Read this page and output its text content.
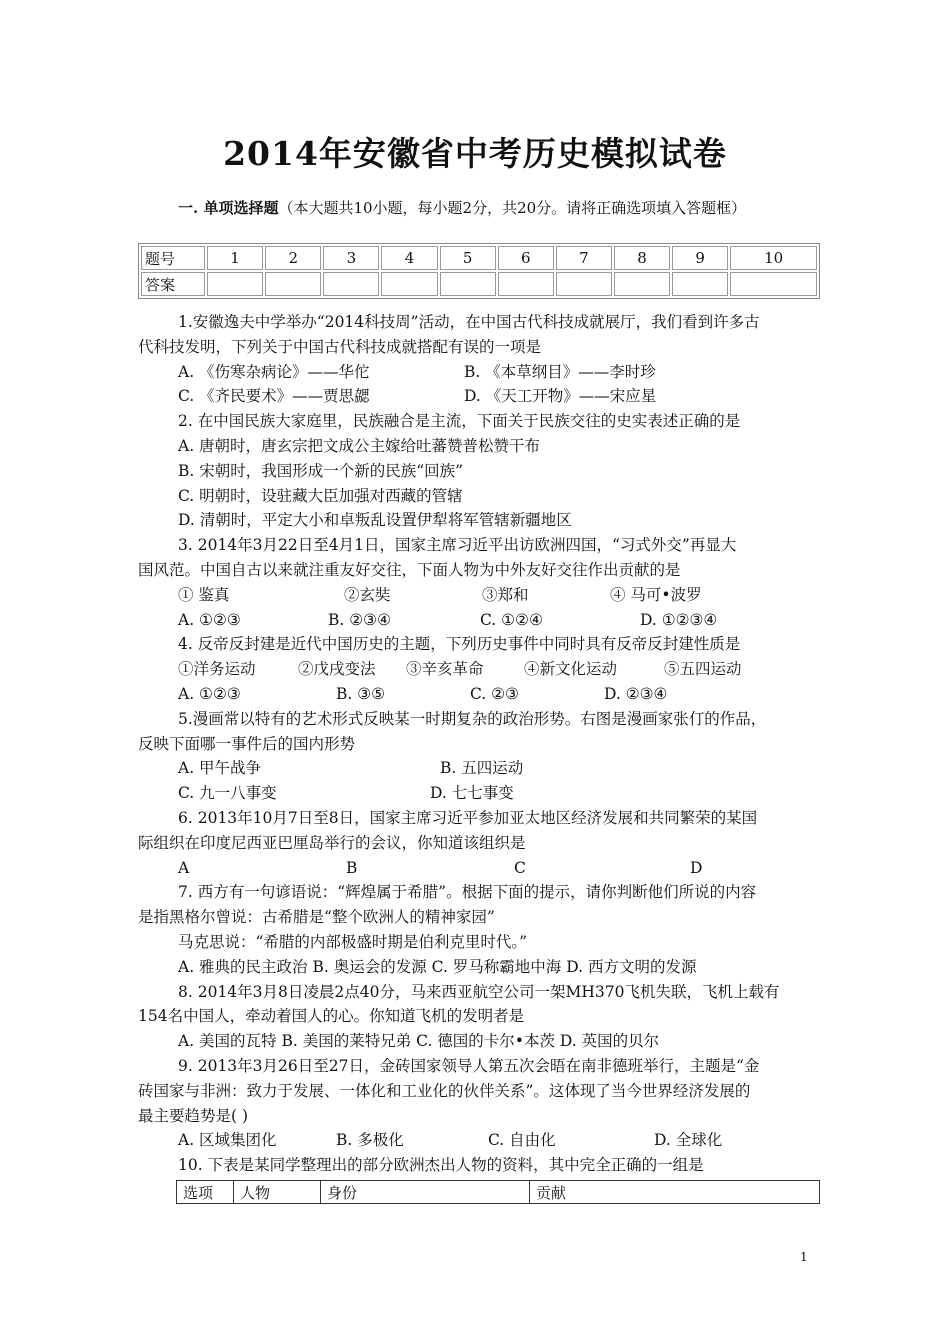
2014年安徽省中考历史模拟试卷
一. 单项选择题（本大题共10小题，每小题2分，共20分。请将正确选项填入答题框）
题号	1	2	3	4	5	6	7	8	9	10
答案										
1.安徽逸夫中学举办“2014科技周”活动，在中国古代科技成就展厅，我们看到许多古
代科技发明，下列关于中国古代科技成就搭配有误的一项是
A. 《伤寒杂病论》——华佗	B. 《本草纲目》——李时珍
C. 《齐民要术》——贾思勰	D. 《天工开物》——宋应星
2. 在中国民族大家庭里，民族融合是主流，下面关于民族交往的史实表述正确的是
A. 唐朝时，唐玄宗把文成公主嫁给吐蕃赞普松赞干布
B. 宋朝时，我国形成一个新的民族“回族”
C. 明朝时，设驻藏大臣加强对西藏的管辖
D. 清朝时，平定大小和卓叛乱设置伊犁将军管辖新疆地区
3. 2014年3月22日至4月1日，国家主席习近平出访欧洲四国，“习式外交”再显大
国风范。中国自古以来就注重友好交往，下面人物为中外友好交往作出贡献的是
① 鉴真	②玄奘	③郑和	④ 马可•波罗
A. ①②③	B. ②③④	C. ①②④	D. ①②③④
4. 反帝反封建是近代中国历史的主题，下列历史事件中同时具有反帝反封建性质是
①洋务运动	②戊戌变法 ③辛亥革命	④新文化运动	⑤五四运动
A. ①②③	B. ③⑤	C. ②③	D. ②③④
5.漫画常以特有的艺术形式反映某一时期复杂的政治形势。右图是漫画家张仃的作品，
反映下面哪一事件后的国内形势
A. 甲午战争	B. 五四运动
C. 九一八事变	D. 七七事变
6. 2013年10月7日至8日，国家主席习近平参加亚太地区经济发展和共同繁荣的某国
际组织在印度尼西亚巴厘岛举行的会议，你知道该组织是
A	B	C	D
7. 西方有一句谚语说：“辉煌属于希腊”。根据下面的提示，请你判断他们所说的内容
是指黑格尔曾说：古希腊是“整个欧洲人的精神家园”
马克思说：“希腊的内部极盛时期是伯利克里时代。”
A. 雅典的民主政治 B. 奥运会的发源 C. 罗马称霸地中海 D. 西方文明的发源
8. 2014年3月8日凌晨2点40分，马来西亚航空公司一架MH370飞机失联，飞机上载有
154名中国人，牵动着国人的心。你知道飞机的发明者是
A. 美国的瓦特 B. 美国的莱特兄弟 C. 德国的卡尔•本茨 D. 英国的贝尔
9. 2013年3月26日至27日，金砖国家领导人第五次会晤在南非德班举行，主题是“金
砖国家与非洲：致力于发展、一体化和工业化的伙伴关系”。这体现了当今世界经济发展的
最主要趋势是( )
A. 区域集团化	B. 多极化	C. 自由化	D. 全球化
10. 下表是某同学整理出的部分欧洲杰出人物的资料，其中完全正确的一组是
选项	人物	身份	贡献
1
